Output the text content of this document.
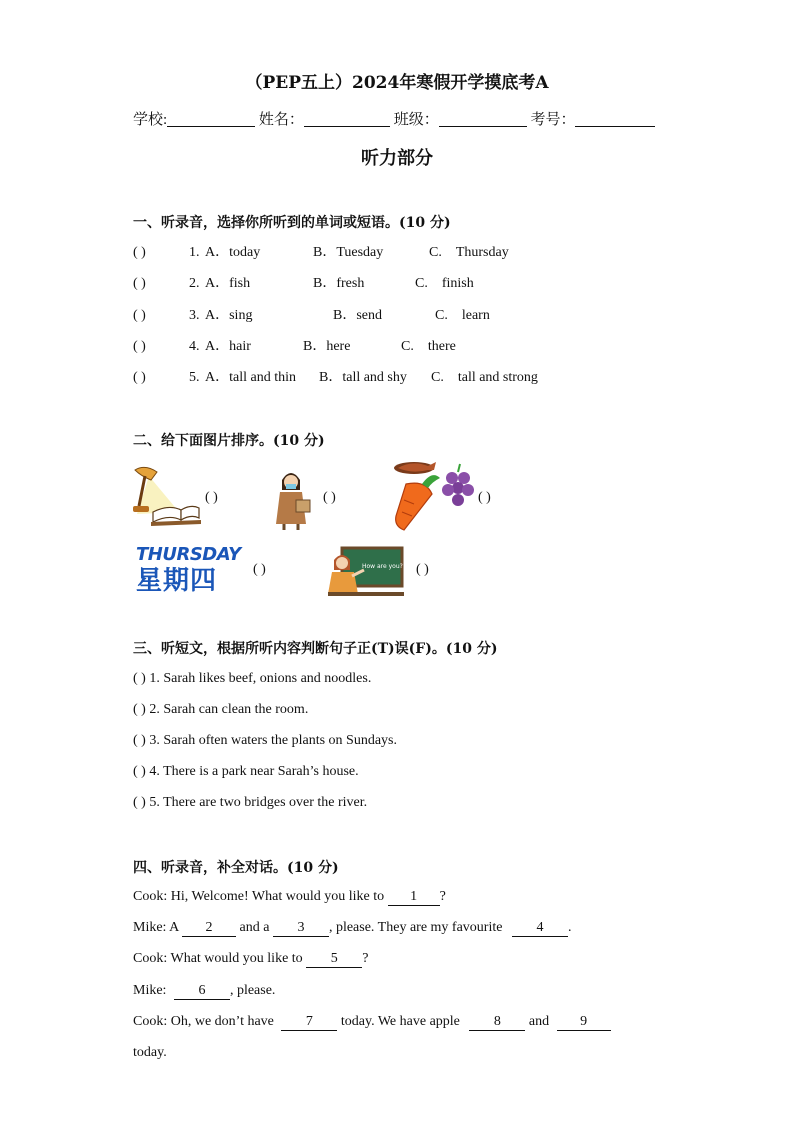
（PEP五上）2024年寒假开学摸底考A
学校:	姓名：	班级：	考号：
听力部分
一、听录音，选择你所听到的单词或短语。(10 分)
( )	1. A．today	B．Tuesday	C.　Thursday
( )	2. A．fish	B．fresh	C.　finish
( )	3. A．sing	B．send	C.　learn
( )	4. A．hair	B．here	C.　there
( )	5. A．tall and thin B．tall and shy C.　tall and strong
二、给下面图片排序。(10 分)
( )	( )	( )
THURSDAY
星期四	( )	How are you? ( )
三、听短文，根据所听内容判断句子正(T)误(F)。(10 分)
( ) 1. Sarah likes beef, onions and noodles.
( ) 2. Sarah can clean the room.
( ) 3. Sarah often waters the plants on Sundays.
( ) 4. There is a park near Sarah’s house.
( ) 5. There are two bridges over the river.
四、听录音，补全对话。(10 分)
Cook: Hi, Welcome! What would you like to 1 ?
Mike: A 2 and a 3 , please. They are my favourite 4 .
Cook: What would you like to 5 ?
Mike: 6 , please.
Cook: Oh, we don’t have 7 today. We have apple 8 and 9
today.
